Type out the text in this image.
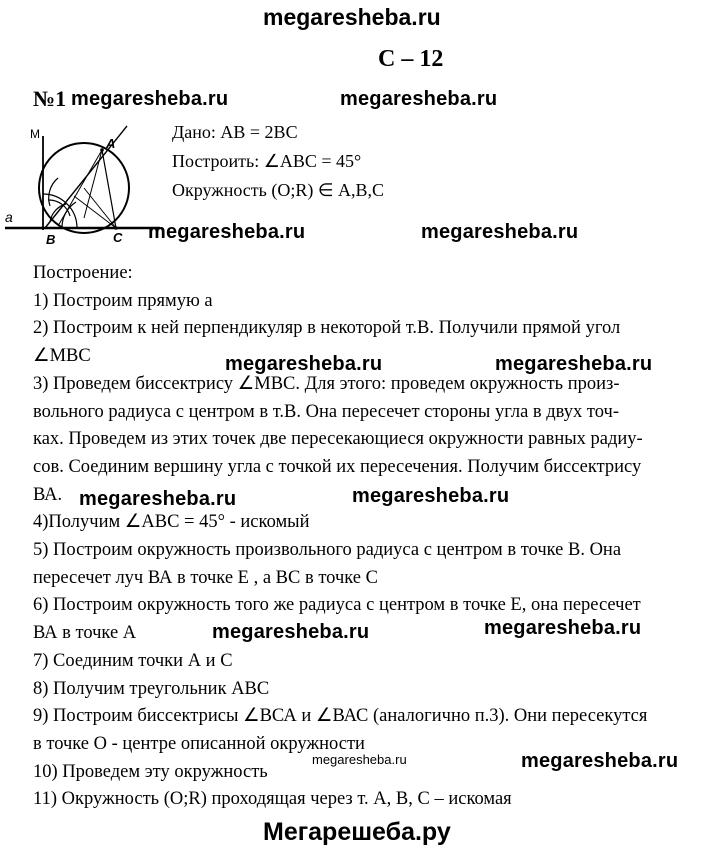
megaresheba.ru
С – 12
№1 megaresheba.ru	megaresheba.ru
Дано: АВ = 2ВС
Построить: ∠АВС = 45°
Окружность (O;R) ∈ А,В,С
М
а
А
В	С megaresheba.ru	megaresheba.ru
Построение:
1) Построим прямую а
2) Построим к ней перпендикуляр в некоторой т.В. Получили прямой угол
∠МВС
3) Проведем биссектрису ∠МВС. Для этого: проведем окружность произ-
вольного радиуса с центром в т.В. Она пересечет стороны угла в двух точ-
ках. Проведем из этих точек две пересекающиеся окружности равных радиу-
сов. Соединим вершину угла с точкой их пересечения. Получим биссектрису
ВА.
4)Получим ∠АВС = 45° - искомый
5) Построим окружность произвольного радиуса с центром в точке В. Она
пересечет луч ВА в точке Е , а ВС в точке С
6) Построим окружность того же радиуса с центром в точке Е, она пересечет
ВА в точке А
7) Соединим точки А и С
8) Получим треугольник АВС
9) Построим биссектрисы ∠ВСА и ∠ВАС (аналогично п.3). Они пересекутся
в точке О - центре описанной окружности
10) Проведем эту окружность
11) Окружность (O;R) проходящая через т. А, В, С – искомая
megaresheba.ru	megaresheba.ru
megaresheba.ru	megaresheba.ru
megaresheba.ru	megaresheba.ru
megaresheba.ru
megaresheba.ru
Мегарешеба.ру
